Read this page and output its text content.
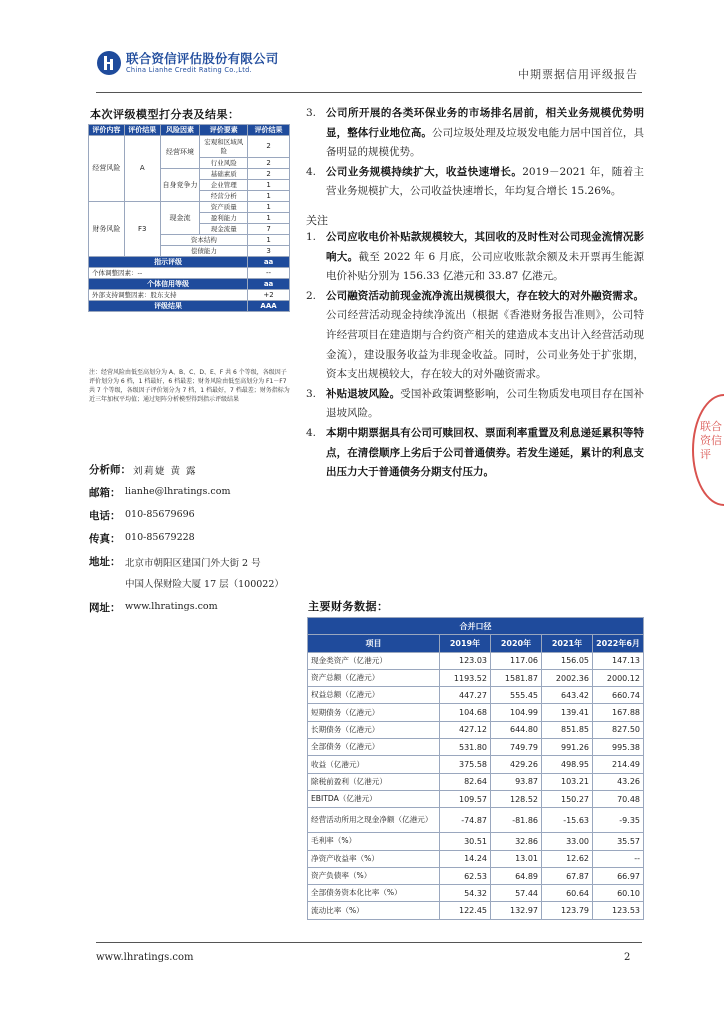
联合资信评估股份有限公司
China Lianhe Credit Rating Co.,Ltd.	中期票据信用评级报告
本次评级模型打分表及结果：
评价内容	评价结果	风险因素	评价要素	评价结果
经营风险	A	经营环境	宏观和区域风险	2
			行业风险	2
		自身竞争力	基础素质	2
			企业管理	1
			经营分析	1
财务风险	F3	现金流	资产质量	1
			盈利能力	1
			现金流量	7
		资本结构		1
		偿债能力		3
指示评级				aa
个体调整因素：--				--
个体信用等级				aa
外部支持调整因素：股东支持				+2
评级结果				AAA
注：经营风险由低至高划分为 A、B、C、D、E、F 共 6 个等级，各级因子评价划分为 6 档，1 档最好，6 档最差；财务风险由低至高划分为 F1－F7 共 7 个等级，各级因子评价划分为 7 档，1 档最好，7 档最差；财务指标为近三年加权平均值；通过矩阵分析模型得到指示评级结果
分析师： 刘莉婕 黄 露
邮箱： lianhe@lhratings.com
电话： 010-85679696
传真： 010-85679228
地址： 北京市朝阳区建国门外大街 2 号
中国人保财险大厦 17 层（100022）
网址： www.lhratings.com
3. 公司所开展的各类环保业务的市场排名居前，相关业务规模优势明显，整体行业地位高。公司垃圾处理及垃圾发电能力居中国首位，具备明显的规模优势。
4. 公司业务规模持续扩大，收益快速增长。2019－2021 年，随着主营业务规模扩大，公司收益快速增长，年均复合增长 15.26%。
关注
1. 公司应收电价补贴款规模较大，其回收的及时性对公司现金流情况影响大。截至 2022 年 6 月底，公司应收账款余额及未开票再生能源电价补贴分别为 156.33 亿港元和 33.87 亿港元。
2. 公司融资活动前现金流净流出规模很大，存在较大的对外融资需求。公司经营活动现金持续净流出（根据《香港财务报告准则》，公司特许经营项目在建造期与合约资产相关的建造成本支出计入经营活动现金流），建设服务收益为非现金收益。同时，公司业务处于扩张期，资本支出规模较大，存在较大的对外融资需求。
3. 补贴退坡风险。受国补政策调整影响，公司生物质发电项目存在国补退坡风险。
4. 本期中期票据具有公司可赎回权、票面利率重置及利息递延累积等特点，在清偿顺序上劣后于公司普通债券。若发生递延，累计的利息支出压力大于普通债务分期支付压力。
主要财务数据：
合并口径				
项目	2019年	2020年	2021年	2022年6月
现金类资产（亿港元）	123.03	117.06	156.05	147.13
资产总额（亿港元）	1193.52	1581.87	2002.36	2000.12
权益总额（亿港元）	447.27	555.45	643.42	660.74
短期债务（亿港元）	104.68	104.99	139.41	167.88
长期债务（亿港元）	427.12	644.80	851.85	827.50
全部债务（亿港元）	531.80	749.79	991.26	995.38
收益（亿港元）	375.58	429.26	498.95	214.49
除税前盈利（亿港元）	82.64	93.87	103.21	43.26
EBITDA（亿港元）	109.57	128.52	150.27	70.48
经营活动所用之现金净额（亿港元）	-74.87	-81.86	-15.63	-9.35
毛利率（%）	30.51	32.86	33.00	35.57
净资产收益率（%）	14.24	13.01	12.62	--
资产负债率（%）	62.53	64.89	67.87	66.97
全部债务资本化比率（%）	54.32	57.44	60.64	60.10
流动比率（%）	122.45	132.97	123.79	123.53
联合资信评
www.lhratings.com	2
